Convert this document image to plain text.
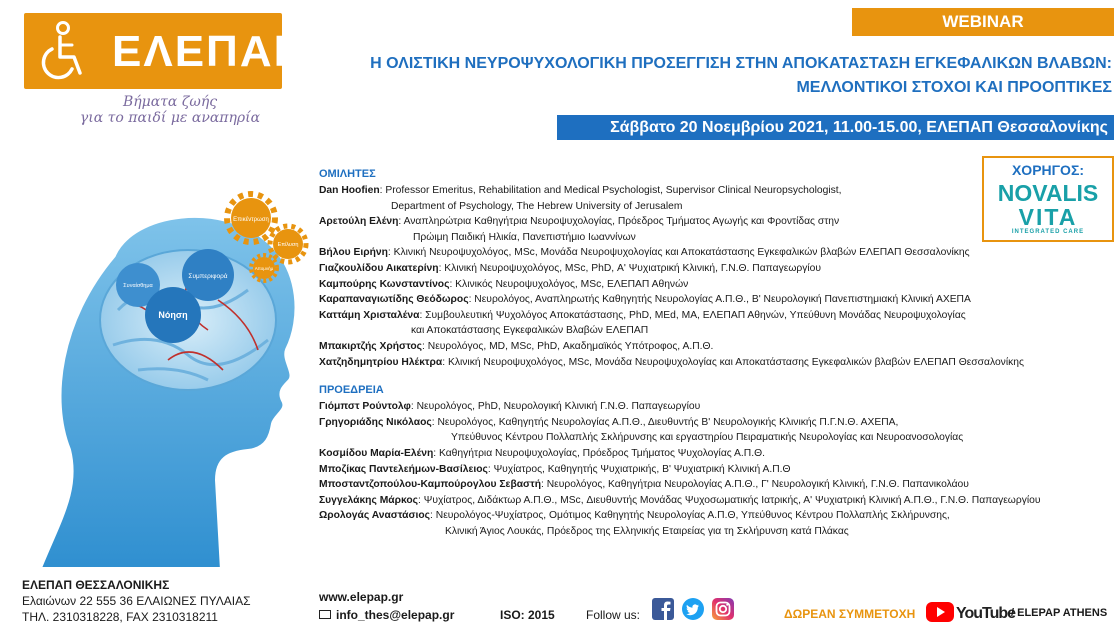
ΕΛΕΠΑΠ
Βήματα ζωής
για το παιδί με αναπηρία
WEBINAR
Η ΟΛΙΣΤΙΚΗ ΝΕΥΡΟΨΥΧΟΛΟΓΙΚΗ ΠΡΟΣΕΓΓΙΣΗ ΣΤΗΝ ΑΠΟΚΑΤΑΣΤΑΣΗ ΕΓΚΕΦΑΛΙΚΩΝ ΒΛΑΒΩΝ:
ΜΕΛΛΟΝΤΙΚΟΙ ΣΤΟΧΟΙ ΚΑΙ ΠΡΟΟΠΤΙΚΕΣ
Σάββατο 20 Νοεμβρίου 2021, 11.00-15.00, ΕΛΕΠΑΠ Θεσσαλονίκης
ΧΟΡΗΓΟΣ:
NOVALIS
VITA
INTEGRATED CARE
Επικέντρωση
Επίλυση
Απομνήμ
Συναίσθημα
Συμπεριφορά
Νόηση
ΟΜΙΛΗΤΕΣ
Dan Hoofien: Professor Emeritus, Rehabilitation and Medical Psychologist, Supervisor Clinical Neuropsychologist,
Department of Psychology, The Hebrew University of Jerusalem
Αρετούλη Ελένη: Αναπληρώτρια Καθηγήτρια Νευροψυχολογίας, Πρόεδρος Τμήματος Αγωγής και Φροντίδας στην
Πρώιμη Παιδική Ηλικία, Πανεπιστήμιο Ιωαννίνων
Βήλου Ειρήνη: Κλινική Νευροψυχολόγος, MSc, Μονάδα Νευροψυχολογίας και Αποκατάστασης Εγκεφαλικών βλαβών ΕΛΕΠΑΠ Θεσσαλονίκης
Γιαζκουλίδου Αικατερίνη: Κλινική Νευροψυχολόγος, MSc, PhD, Α' Ψυχιατρική Κλινική, Γ.Ν.Θ. Παπαγεωργίου
Καμπούρης Κωνσταντίνος: Κλινικός Νευροψυχολόγος, MSc, ΕΛΕΠΑΠ Αθηνών
Καραπαναγιωτίδης Θεόδωρος: Νευρολόγος, Αναπληρωτής Καθηγητής Νευρολογίας Α.Π.Θ., Β' Νευρολογική Πανεπιστημιακή Κλινική ΑΧΕΠΑ
Καττάμη Χρισταλένα: Συμβουλευτική Ψυχολόγος Αποκατάστασης, PhD, MEd, MA, ΕΛΕΠΑΠ Αθηνών, Υπεύθυνη Μονάδας Νευροψυχολογίας
και Αποκατάστασης Εγκεφαλικών Βλαβών ΕΛΕΠΑΠ
Μπακιρτζής Χρήστος: Νευρολόγος, MD, MSc, PhD, Ακαδημαϊκός Υπότροφος, Α.Π.Θ.
Χατζηδημητρίου Ηλέκτρα: Κλινική Νευροψυχολόγος, MSc, Μονάδα Νευροψυχολογίας και Αποκατάστασης Εγκεφαλικών βλαβών ΕΛΕΠΑΠ Θεσσαλονίκης
ΠΡΟΕΔΡΕΙΑ
Γιόμπστ Ρούντολφ: Νευρολόγος, PhD, Νευρολογική Κλινική Γ.Ν.Θ. Παπαγεωργίου
Γρηγοριάδης Νικόλαος: Νευρολόγος, Καθηγητής Νευρολογίας Α.Π.Θ., Διευθυντής Β' Νευρολογικής Κλινικής Π.Γ.Ν.Θ. ΑΧΕΠΑ,
Υπεύθυνος Κέντρου Πολλαπλής Σκλήρυνσης και εργαστηρίου Πειραματικής Νευρολογίας και Νευροανοσολογίας
Κοσμίδου Μαρία-Ελένη: Καθηγήτρια Νευροψυχολογίας, Πρόεδρος Τμήματος Ψυχολογίας Α.Π.Θ.
Μποζίκας Παντελεήμων-Βασίλειος: Ψυχίατρος, Καθηγητής Ψυχιατρικής, Β' Ψυχιατρική Κλινική Α.Π.Θ
Μποσταντζοπούλου-Καμπούρογλου Σεβαστή: Νευρολόγος, Καθηγήτρια Νευρολογίας Α.Π.Θ., Γ' Νευρολογική Κλινική, Γ.Ν.Θ. Παπανικολάου
Συγγελάκης Μάρκος: Ψυχίατρος, Διδάκτωρ Α.Π.Θ., MSc, Διευθυντής Μονάδας Ψυχοσωματικής Ιατρικής, Α' Ψυχιατρική Κλινική Α.Π.Θ., Γ.Ν.Θ. Παπαγεωργίου
Ωρολογάς Αναστάσιος: Νευρολόγος-Ψυχίατρος, Ομότιμος Καθηγητής Νευρολογίας Α.Π.Θ, Υπεύθυνος Κέντρου Πολλαπλής Σκλήρυνσης,
Κλινική Άγιος Λουκάς, Πρόεδρος της Ελληνικής Εταιρείας για τη Σκλήρυνση κατά Πλάκας
ΕΛΕΠΑΠ ΘΕΣΣΑΛΟΝΙΚΗΣ
Ελαιώνων 22 555 36 ΕΛΑΙΩΝΕΣ ΠΥΛΑΙΑΣ
ΤΗΛ. 2310318228, FAX 2310318211
www.elepap.gr
info_thes@elepap.gr	ISO: 2015	Follow us:	ΔΩΡΕΑΝ ΣΥΜΜΕΤΟΧΗ	YouTube
/ ELEPAP ATHENS
